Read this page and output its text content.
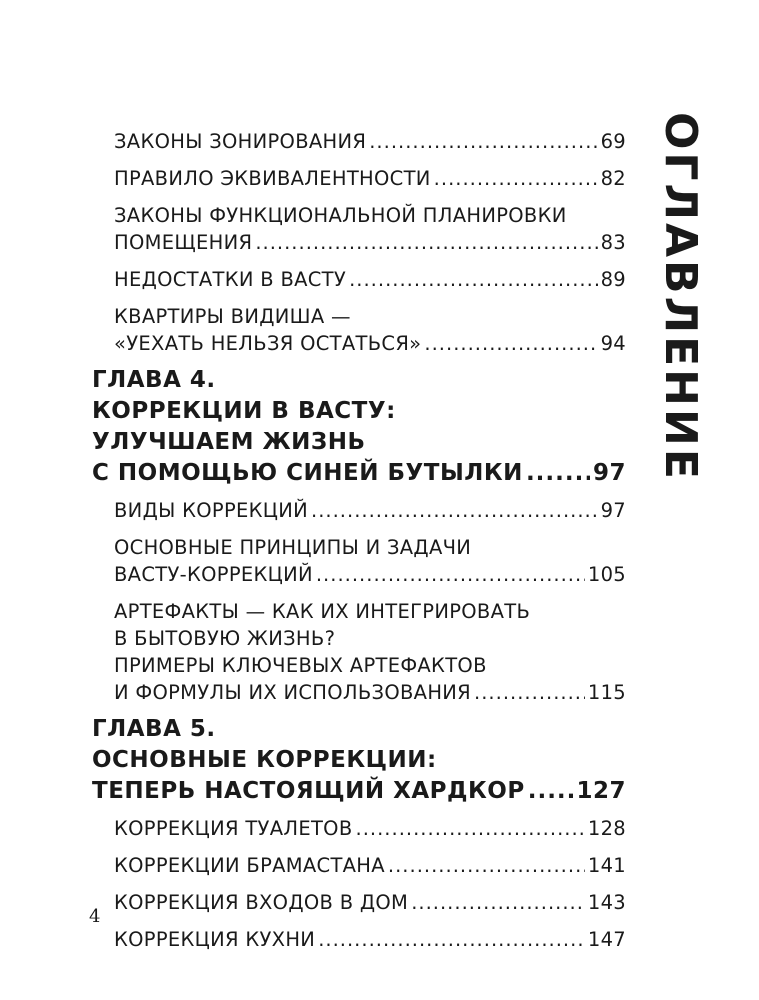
ОГЛАВЛЕНИЕ
ЗАКОНЫ ЗОНИРОВАНИЯ .....	69
ПРАВИЛО ЭКВИВАЛЕНТНОСТИ .....	82
ЗАКОНЫ ФУНКЦИОНАЛЬНОЙ ПЛАНИРОВКИ
ПОМЕЩЕНИЯ .....	83
НЕДОСТАТКИ В ВАСТУ .....	89
КВАРТИРЫ ВИДИША —
«УЕХАТЬ НЕЛЬЗЯ ОСТАТЬСЯ» .....	94
ГЛАВА 4.
КОРРЕКЦИИ В ВАСТУ:
УЛУЧШАЕМ ЖИЗНЬ
С ПОМОЩЬЮ СИНЕЙ БУТЫЛКИ .....	97
ВИДЫ КОРРЕКЦИЙ .....	97
ОСНОВНЫЕ ПРИНЦИПЫ И ЗАДАЧИ
ВАСТУ-КОРРЕКЦИЙ .....	105
АРТЕФАКТЫ — КАК ИХ ИНТЕГРИРОВАТЬ
В БЫТОВУЮ ЖИЗНЬ?
ПРИМЕРЫ КЛЮЧЕВЫХ АРТЕФАКТОВ
И ФОРМУЛЫ ИХ ИСПОЛЬЗОВАНИЯ .....	115
ГЛАВА 5.
ОСНОВНЫЕ КОРРЕКЦИИ:
ТЕПЕРЬ НАСТОЯЩИЙ ХАРДКОР ..... 127
КОРРЕКЦИЯ ТУАЛЕТОВ .....	128
КОРРЕКЦИИ БРАМАСТАНА .....	141
КОРРЕКЦИЯ ВХОДОВ В ДОМ .....	143
КОРРЕКЦИЯ КУХНИ .....	147
4
